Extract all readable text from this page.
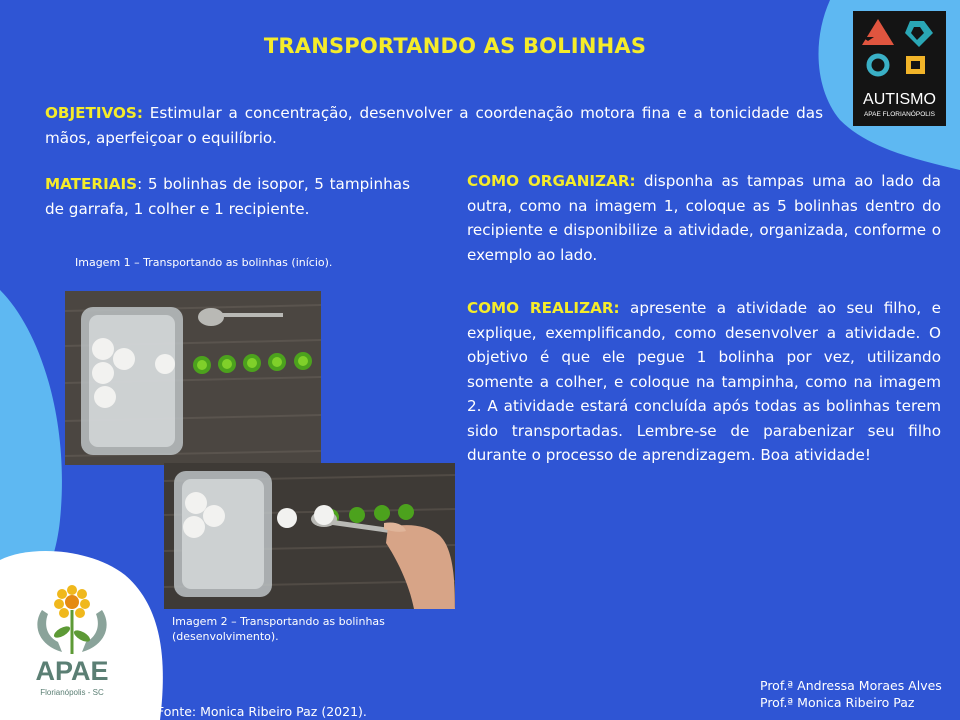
AUTISMO
APAE FLORIANÓPOLIS
TRANSPORTANDO AS BOLINHAS
OBJETIVOS: Estimular a concentração, desenvolver a coordenação motora fina e a tonicidade das mãos, aperfeiçoar o equilíbrio.
MATERIAIS: 5 bolinhas de isopor, 5 tampinhas de garrafa, 1 colher e 1 recipiente.
Imagem 1 – Transportando as bolinhas (início).
Imagem 2 – Transportando as bolinhas (desenvolvimento).
COMO ORGANIZAR: disponha as tampas uma ao lado da outra, como na imagem 1, coloque as 5 bolinhas dentro do recipiente e disponibilize a atividade, organizada, conforme o exemplo ao lado.
COMO REALIZAR: apresente a atividade ao seu filho, e explique, exemplificando, como desenvolver a atividade. O objetivo é que ele pegue 1 bolinha por vez, utilizando somente a colher, e coloque na tampinha, como na imagem 2. A atividade estará concluída após todas as bolinhas terem sido transportadas. Lembre-se de parabenizar seu filho durante o processo de aprendizagem. Boa atividade!
APAE
Florianópolis - SC
Fonte: Monica Ribeiro Paz (2021).
Prof.ª Andressa Moraes Alves
Prof.ª Monica Ribeiro Paz
